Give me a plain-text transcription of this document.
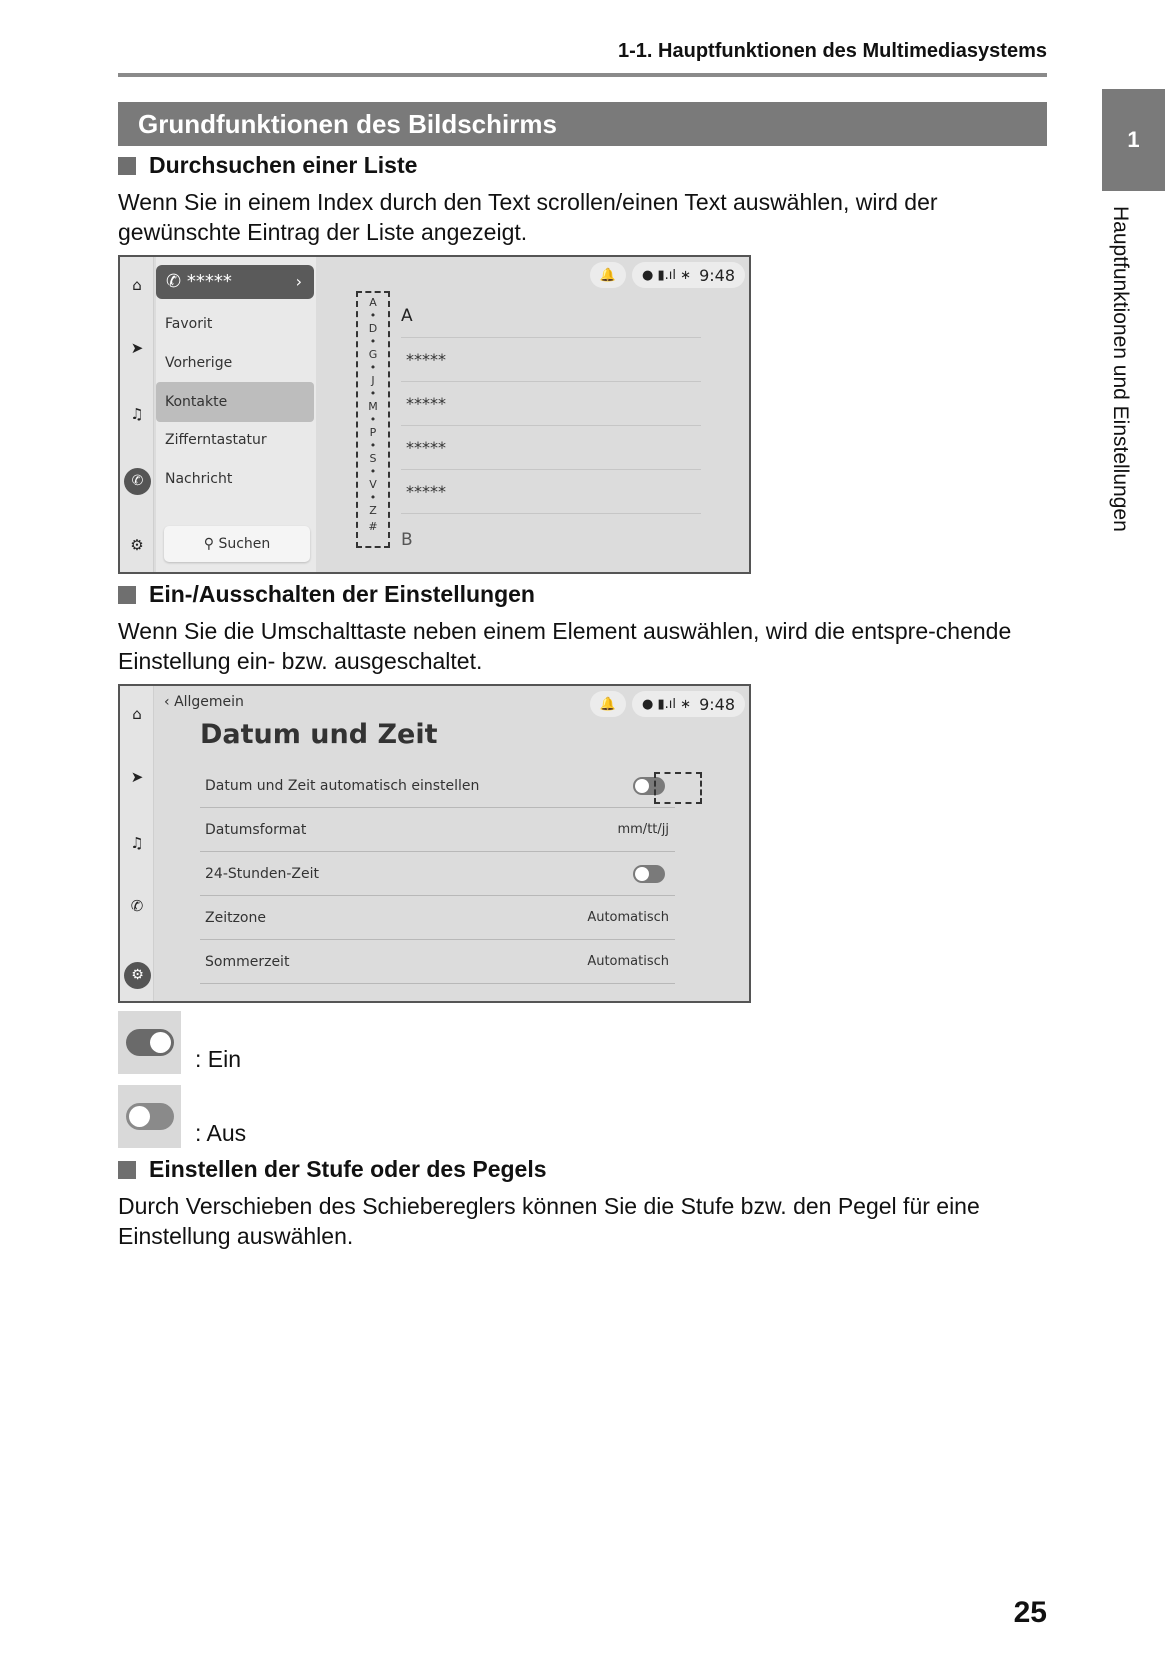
1-1. Hauptfunktionen des Multimediasystems
1
Hauptfunktionen und Einstellungen
Grundfunktionen des Bildschirms
Durchsuchen einer Liste
Wenn Sie in einem Index durch den Text scrollen/einen Text auswählen, wird der gewünschte Eintrag der Liste angezeigt.
⌂
➤
♫
✆
⚙
✆ *****	›
Favorit
Vorherige
Kontakte
Zifferntastatur
Nachricht
⚲ Suchen
A
•
D
•
G
•
J
•
M
•
P
•
S
•
V
•
Z
#
A
*****
*****
*****
*****
B
🔔 ●
▮.ıl ∗ 9:48
Ein-/Ausschalten der Einstellungen
Wenn Sie die Umschalttaste neben einem Element auswählen, wird die entspre-chende Einstellung ein- bzw. ausgeschaltet.
⌂
➤
♫
✆
⚙
‹ Allgemein
Datum und Zeit
Datum und Zeit automatisch einstellen
Datumsformat	mm/tt/jj
24-Stunden-Zeit
Zeitzone	Automatisch
Sommerzeit	Automatisch
🔔 ●
▮.ıl ∗ 9:48
: Ein
: Aus
Einstellen der Stufe oder des Pegels
Durch Verschieben des Schiebereglers können Sie die Stufe bzw. den Pegel für eine Einstellung auswählen.
25
